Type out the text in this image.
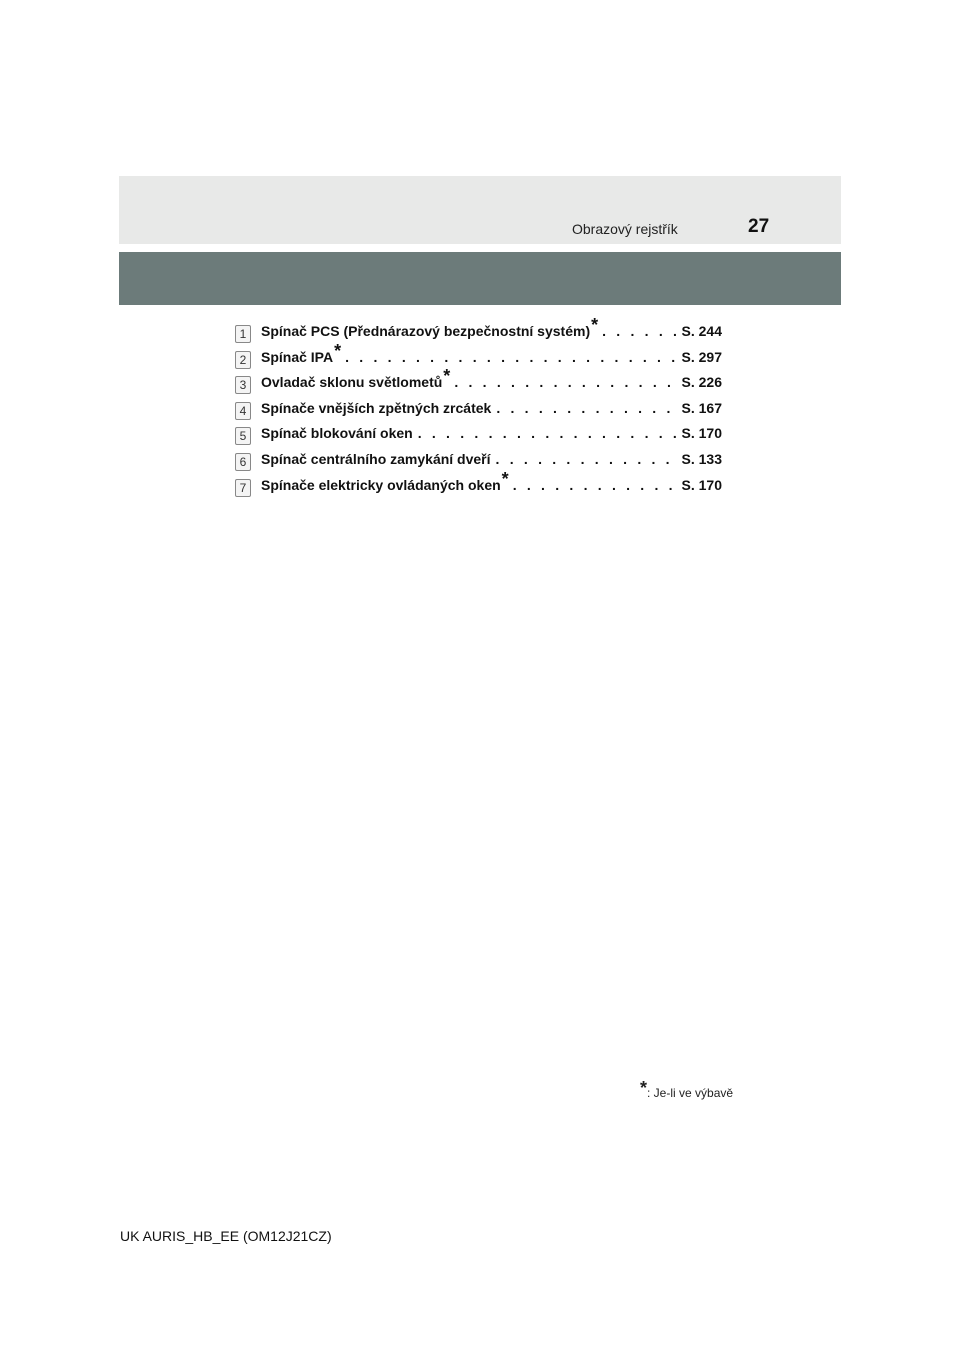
Obrazový rejstřík	27
1	Spínač PCS (Přednárazový bezpečnostní systém)* . . .	S. 244
2	Spínač IPA* . . .	S. 297
3	Ovladač sklonu světlometů* . . .	S. 226
4	Spínače vnějších zpětných zrcátek . . .	S. 167
5	Spínač blokování oken . . .	S. 170
6	Spínač centrálního zamykání dveří . . .	S. 133
7	Spínače elektricky ovládaných oken* . . .	S. 170
*: Je-li ve výbavě
UK AURIS_HB_EE (OM12J21CZ)
